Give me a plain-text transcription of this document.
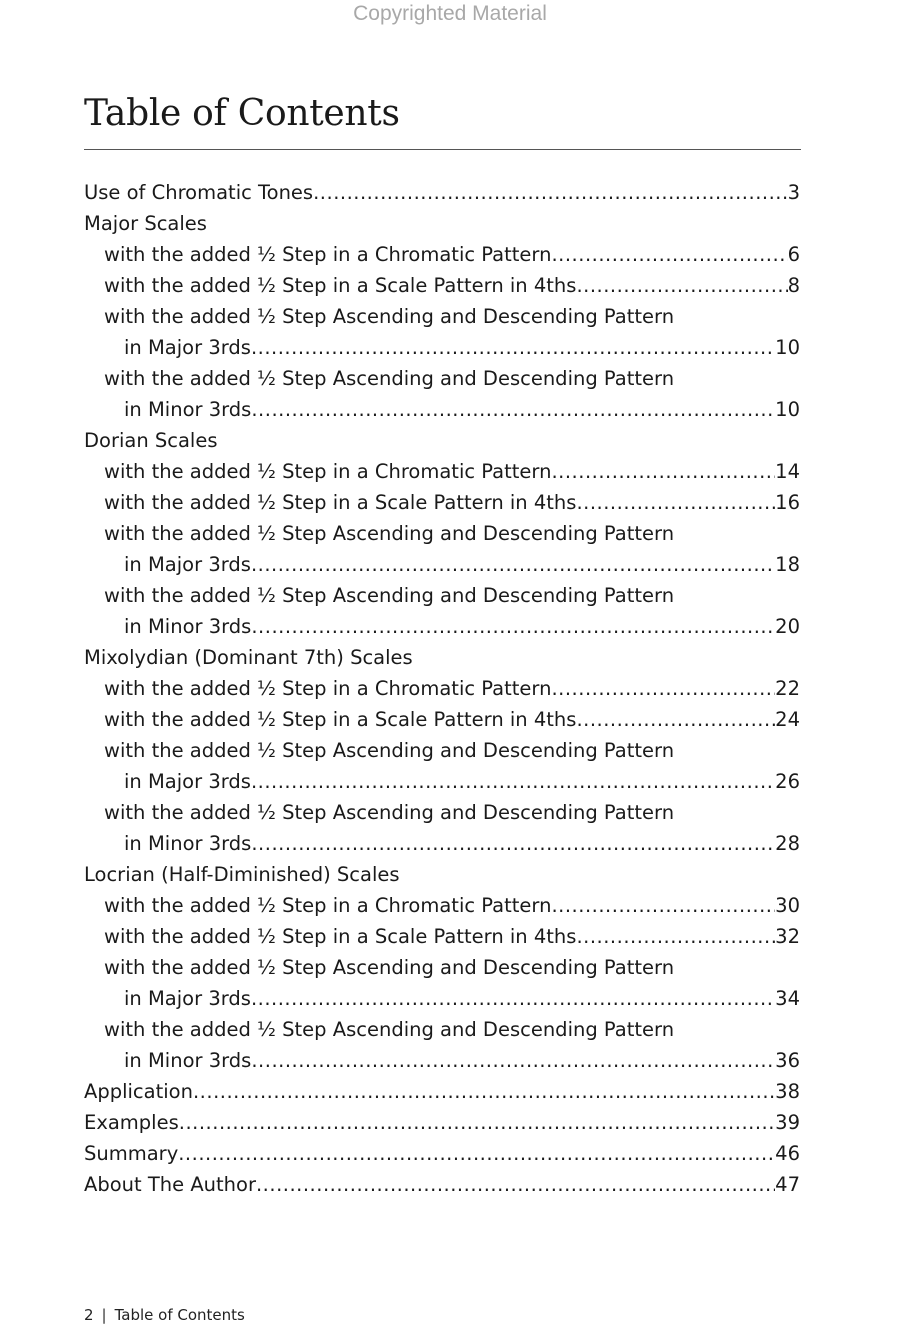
Copyrighted Material
Table of Contents
Use of Chromatic Tones .....	3
Major Scales
with the added ½ Step in a Chromatic Pattern .....	6
with the added ½ Step in a Scale Pattern in 4ths .....	8
with the added ½ Step Ascending and Descending Pattern
in Major 3rds .....	10
with the added ½ Step Ascending and Descending Pattern
in Minor 3rds .....	10
Dorian Scales
with the added ½ Step in a Chromatic Pattern .....	14
with the added ½ Step in a Scale Pattern in 4ths .....	16
with the added ½ Step Ascending and Descending Pattern
in Major 3rds .....	18
with the added ½ Step Ascending and Descending Pattern
in Minor 3rds .....	20
Mixolydian (Dominant 7th) Scales
with the added ½ Step in a Chromatic Pattern .....	22
with the added ½ Step in a Scale Pattern in 4ths .....	24
with the added ½ Step Ascending and Descending Pattern
in Major 3rds .....	26
with the added ½ Step Ascending and Descending Pattern
in Minor 3rds .....	28
Locrian (Half-Diminished) Scales
with the added ½ Step in a Chromatic Pattern .....	30
with the added ½ Step in a Scale Pattern in 4ths .....	32
with the added ½ Step Ascending and Descending Pattern
in Major 3rds .....	34
with the added ½ Step Ascending and Descending Pattern
in Minor 3rds .....	36
Application .....	38
Examples .....	39
Summary .....	46
About The Author .....	47
2 | Table of Contents
